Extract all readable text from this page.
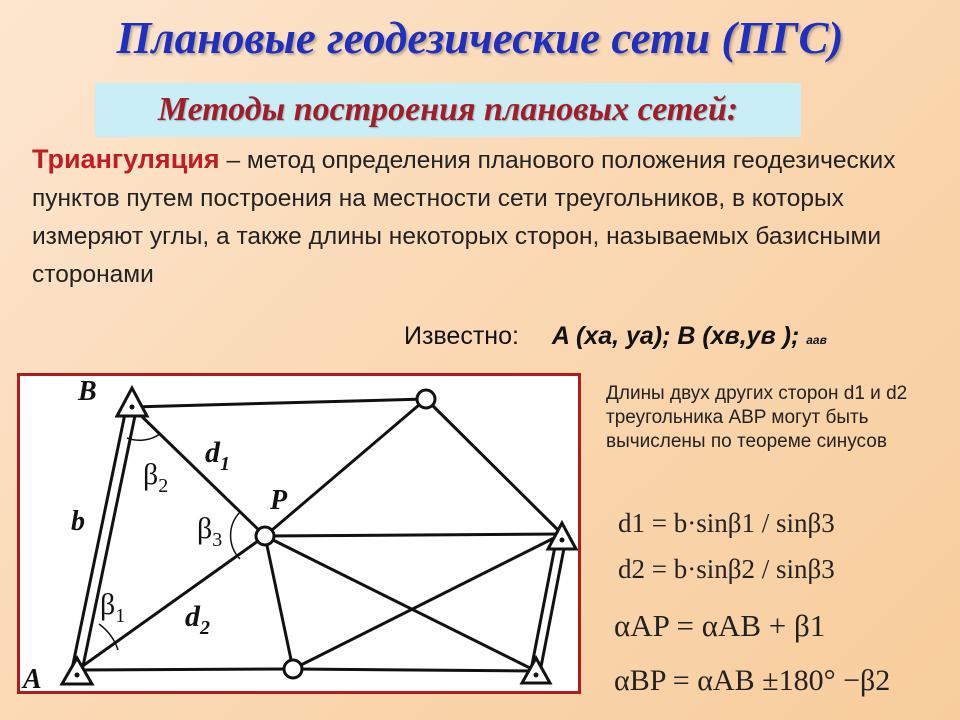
Плановые геодезические сети (ПГС)
Методы построения плановых сетей:
Триангуляция – метод определения планового положения геодезических пунктов путем построения на местности сети треугольников, в которых измеряют углы, а также длины некоторых сторон, называемых базисными сторонами
Известно: A (xа, yа); B (xв,yв ); aaв
B
A
P
b
$d_1$
$d_2$
$\beta_2$
$\beta_1$
$\beta_3$
Длины двух других сторон d1 и d2 треугольника ABP могут быть вычислены по теореме синусов
d1 = b·sinβ1 / sinβ3
d2 = b·sinβ2 / sinβ3
αAP = αAB + β1
αBP = αAB ±180° −β2
